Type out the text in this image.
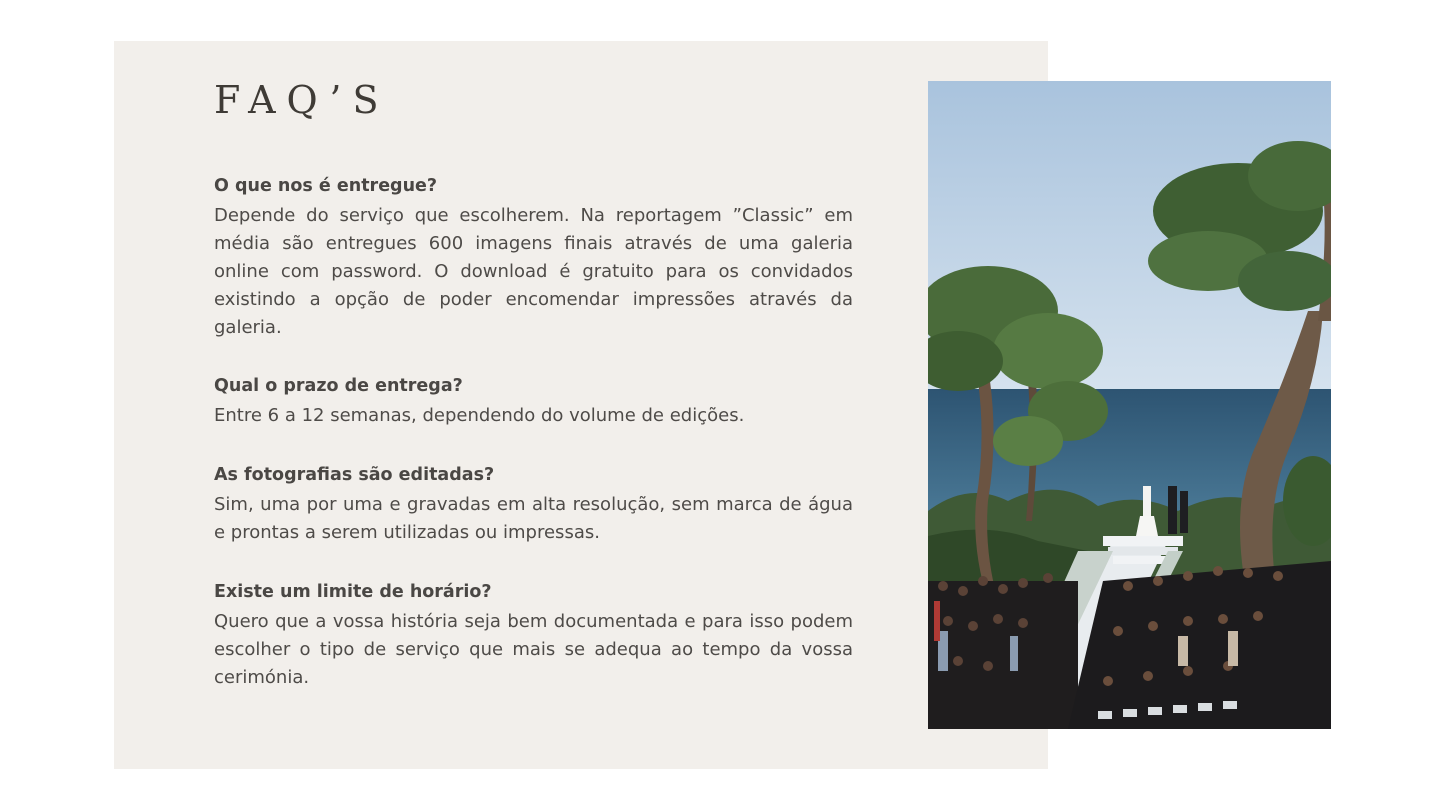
FAQ’S
O que nos é entregue?

Depende do serviço que escolherem. Na reportagem ”Classic” em média são entregues 600 imagens finais através de uma galeria online com password. O download é gratuito para os convidados existindo a opção de poder encomendar impressões através da galeria.

Qual o prazo de entrega?

Entre 6 a 12 semanas, dependendo do volume de edições.

As fotografias são editadas?

Sim, uma por uma e gravadas em alta resolução, sem marca de água e prontas a serem utilizadas ou impressas.

Existe um limite de horário?

Quero que a vossa história seja bem documentada e para isso podem escolher o tipo de serviço que mais se adequa ao tempo da vossa cerimónia.
